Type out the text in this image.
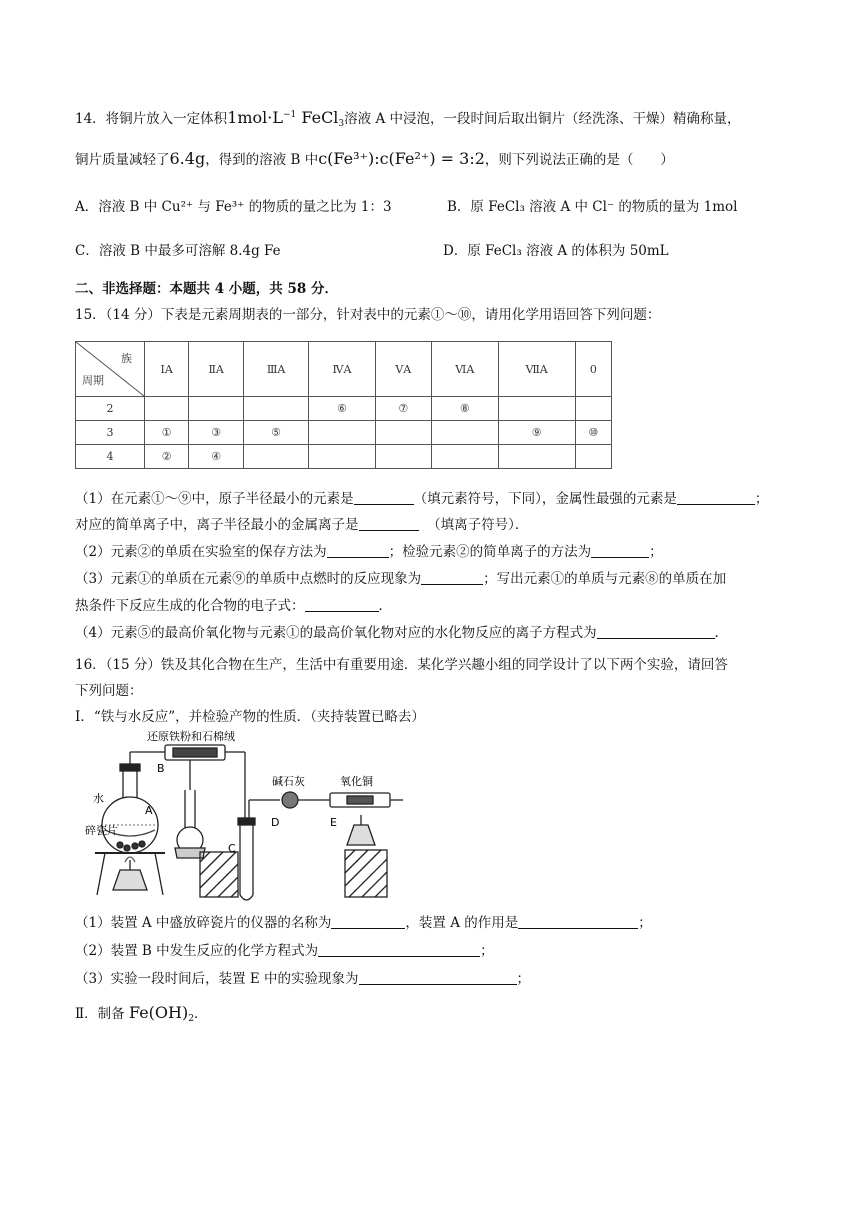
14．将铜片放入一定体积$1mol\cdot L^{-1}$ FeCl$_3$溶液 A 中浸泡，一段时间后取出铜片（经洗涤、干燥）精确称量，
铜片质量减轻了6.4g，得到的溶液 B 中c(Fe³⁺):c(Fe²⁺) = 3:2，则下列说法正确的是（　　）
A．溶液 B 中 Cu²⁺ 与 Fe³⁺ 的物质的量之比为 1：3	B．原 FeCl₃ 溶液 A 中 Cl⁻ 的物质的量为 1mol
C．溶液 B 中最多可溶解 8.4g Fe	D．原 FeCl₃ 溶液 A 的体积为 50mL
二、非选择题：本题共 4 小题，共 58 分．
15．（14 分）下表是元素周期表的一部分，针对表中的元素①～⑩，请用化学用语回答下列问题：
族
周期	ⅠA	ⅡA	ⅢA	ⅣA	ⅤA	ⅥA	ⅦA	0
2				⑥	⑦	⑧		
3	①	③	⑤				⑨	⑩
4	②	④						
（1）在元素①～⑨中，原子半径最小的元素是	（填元素符号，下同），金属性最强的元素是	；
对应的简单离子中，离子半径最小的金属离子是	（填离子符号）．
（2）元素②的单质在实验室的保存方法为	；检验元素②的简单离子的方法为	；
（3）元素①的单质在元素⑨的单质中点燃时的反应现象为	；写出元素①的单质与元素⑧的单质在加
热条件下反应生成的化合物的电子式：	．
（4）元素⑤的最高价氧化物与元素①的最高价氧化物对应的水化物反应的离子方程式为	．
16．（15 分）铁及其化合物在生产，生活中有重要用途．某化学兴趣小组的同学设计了以下两个实验，请回答
下列问题：
I．“铁与水反应”，并检验产物的性质．（夹持装置已略去）
还原铁粉和石棉绒
水
碎瓷片
A
B
C
D	E
碱石灰	氧化铜
（1）装置 A 中盛放碎瓷片的仪器的名称为	，装置 A 的作用是	；
（2）装置 B 中发生反应的化学方程式为	；
（3）实验一段时间后，装置 E 中的实验现象为	；
Ⅱ．制备 $Fe(OH)_2$．
